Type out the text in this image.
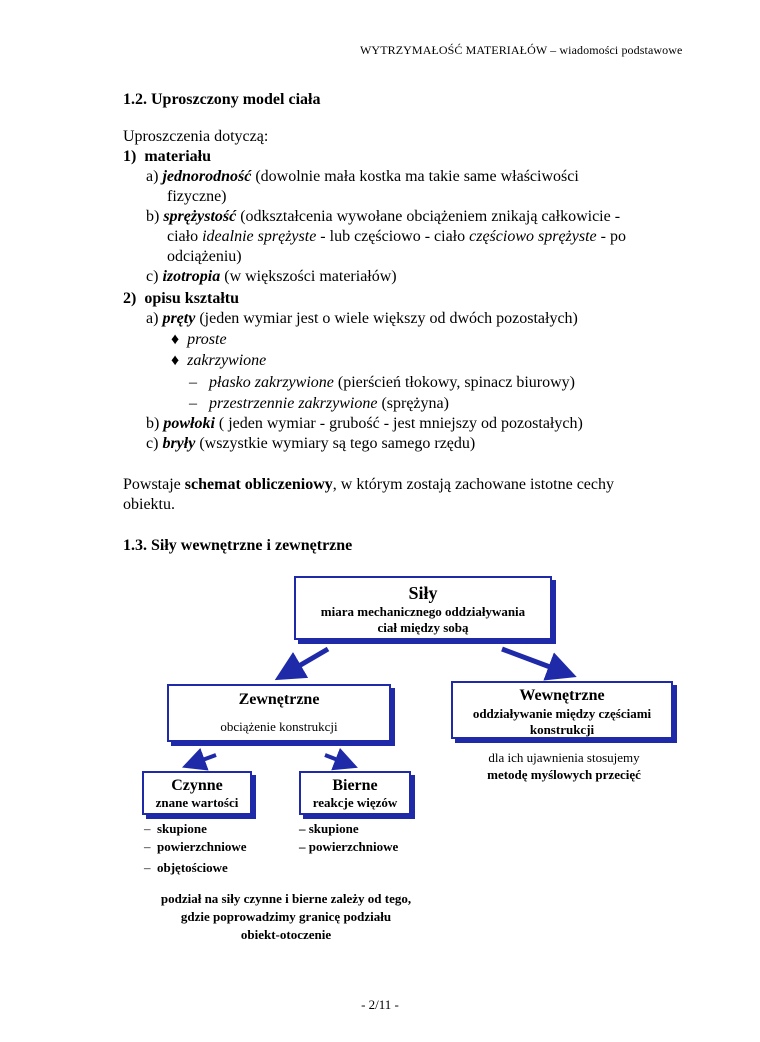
WYTRZYMAŁOŚĆ MATERIAŁÓW – wiadomości podstawowe
1.2. Uproszczony model ciała
Uproszczenia dotyczą:
1) materiału
a) jednorodność (dowolnie mała kostka ma takie same właściwości
fizyczne)
b) sprężystość (odkształcenia wywołane obciążeniem znikają całkowicie -
ciało idealnie sprężyste - lub częściowo - ciało częściowo sprężyste - po
odciążeniu)
c) izotropia (w większości materiałów)
2) opisu kształtu
a) pręty (jeden wymiar jest o wiele większy od dwóch pozostałych)
♦ proste
♦ zakrzywione
– płasko zakrzywione (pierścień tłokowy, spinacz biurowy)
– przestrzennie zakrzywione (sprężyna)
b) powłoki ( jeden wymiar - grubość - jest mniejszy od pozostałych)
c) bryły (wszystkie wymiary są tego samego rzędu)
Powstaje schemat obliczeniowy, w którym zostają zachowane istotne cechy
obiektu.
1.3. Siły wewnętrzne i zewnętrzne
Siły
miara mechanicznego oddziaływania
ciał między sobą
Zewnętrzne
obciążenie konstrukcji
Wewnętrzne
oddziaływanie między częściami
konstrukcji
dla ich ujawnienia stosujemy
metodę myślowych przecięć
Czynne
znane wartości
Bierne
reakcje więzów
– skupione
– powierzchniowe
– objętościowe
– skupione
– powierzchniowe
podział na siły czynne i bierne zależy od tego,
gdzie poprowadzimy granicę podziału
obiekt-otoczenie
- 2/11 -
